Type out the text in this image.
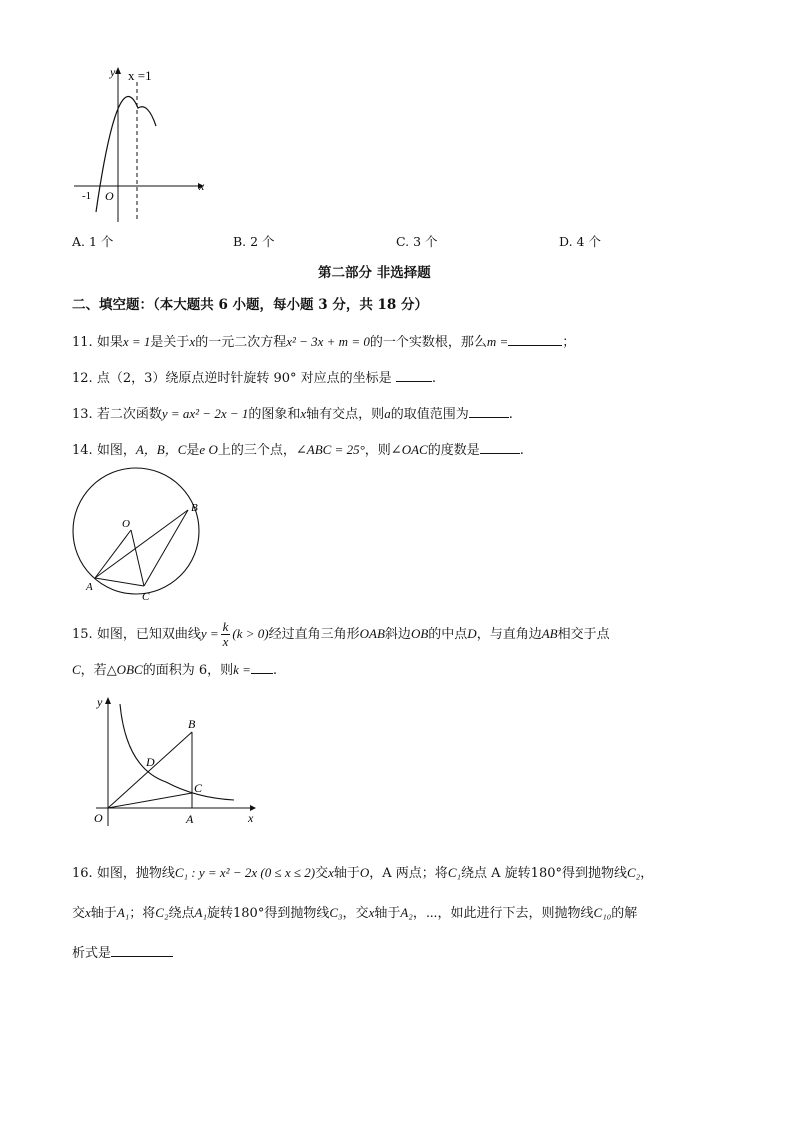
y x =1
x
-1 O
A. 1 个	B. 2 个	C. 3 个	D. 4 个
第二部分 非选择题
二、填空题：（本大题共 6 小题，每小题 3 分，共 18 分）
11. 如果x = 1是关于x的一元二次方程x² − 3x + m = 0的一个实数根，那么m =	；
12. 点（2，3）绕原点逆时针旋转 90° 对应点的坐标是	.
13. 若二次函数y = ax² − 2x − 1的图象和x轴有交点，则a的取值范围为	.
14. 如图，A，B，C是e O上的三个点，∠ABC = 25°，则∠OAC的度数是	.
O
A
B
C
15. 如图，已知双曲线$y = \frac{k}{x} (k > 0)$经过直角三角形OAB斜边OB的中点D，与直角边AB相交于点
C，若△OBC的面积为 6，则k = .
y
x
O	A
B
C
D
16. 如图，抛物线C₁ : y = x² − 2x (0 ≤ x ≤ 2)交x轴于O，A 两点；将C₁绕点 A 旋转180°得到抛物线C₂，
交x轴于A₁；将C₂绕点A₁旋转180°得到抛物线C₃，交x轴于A₂，⋯，如此进行下去，则抛物线C₁₀的解
析式是
